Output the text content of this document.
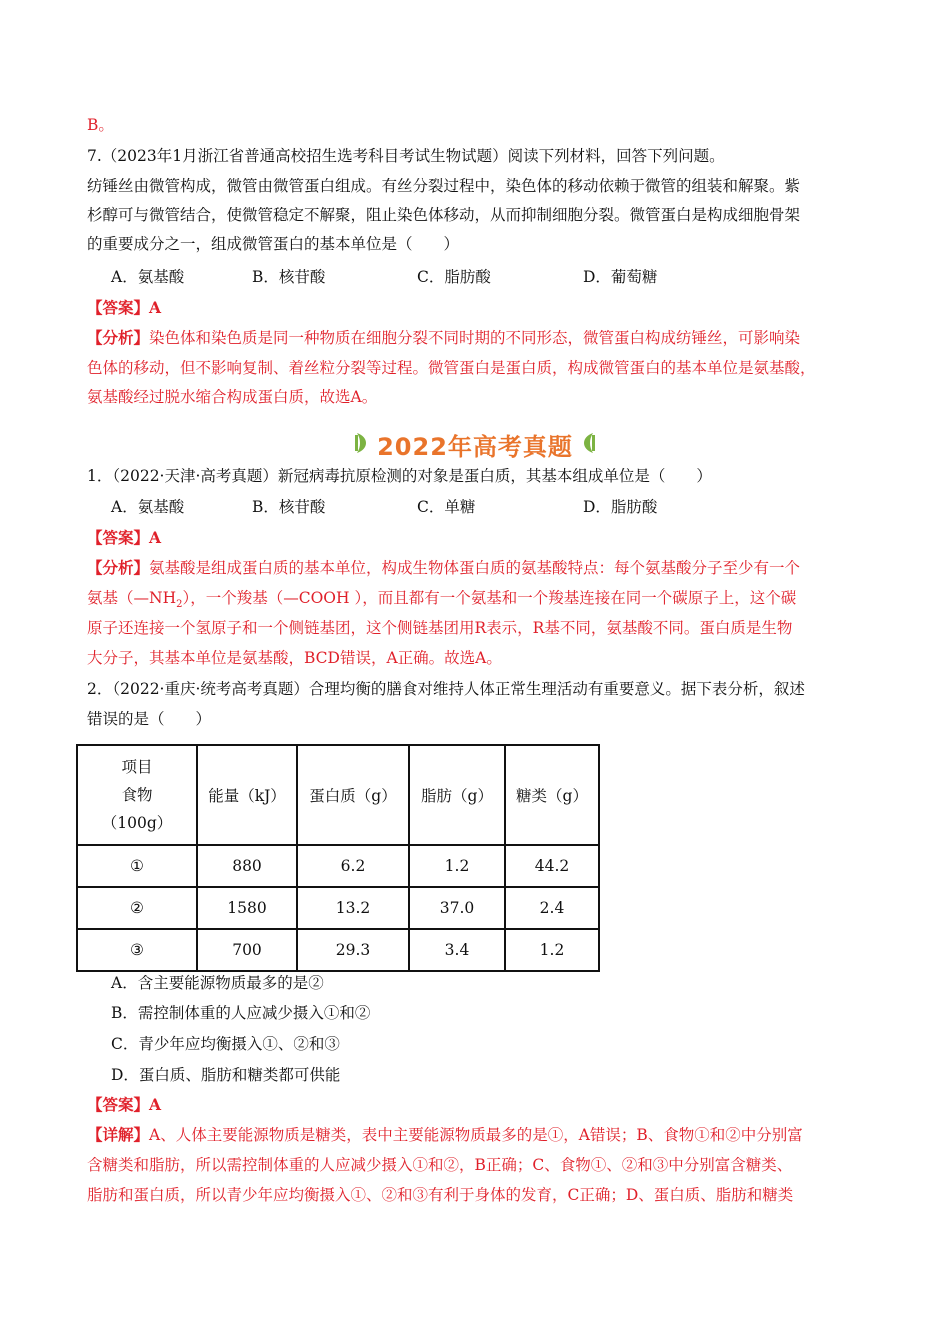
B。
7.（2023年1月浙江省普通高校招生选考科目考试生物试题）阅读下列材料，回答下列问题。
纺锤丝由微管构成，微管由微管蛋白组成。有丝分裂过程中，染色体的移动依赖于微管的组装和解聚。紫
杉醇可与微管结合，使微管稳定不解聚，阻止染色体移动，从而抑制细胞分裂。微管蛋白是构成细胞骨架
的重要成分之一，组成微管蛋白的基本单位是（　　）
A．氨基酸	B．核苷酸	C．脂肪酸	D．葡萄糖
【答案】A
【分析】染色体和染色质是同一种物质在细胞分裂不同时期的不同形态，微管蛋白构成纺锤丝，可影响染
色体的移动，但不影响复制、着丝粒分裂等过程。微管蛋白是蛋白质，构成微管蛋白的基本单位是氨基酸，
氨基酸经过脱水缩合构成蛋白质，故选A。
2022年高考真题
1．（2022·天津·高考真题）新冠病毒抗原检测的对象是蛋白质，其基本组成单位是（　　）
A．氨基酸	B．核苷酸	C．单糖	D．脂肪酸
【答案】A
【分析】氨基酸是组成蛋白质的基本单位，构成生物体蛋白质的氨基酸特点：每个氨基酸分子至少有一个
氨基$(—NH_2)$，一个羧基（—COOH ），而且都有一个氨基和一个羧基连接在同一个碳原子上，这个碳
原子还连接一个氢原子和一个侧链基团，这个侧链基团用R表示，R基不同，氨基酸不同。蛋白质是生物
大分子，其基本单位是氨基酸，BCD错误，A正确。故选A。
2．（2022·重庆·统考高考真题）合理均衡的膳食对维持人体正常生理活动有重要意义。据下表分析，叙述
错误的是（　　）
项目
食物
（100g）	能量（kJ）	蛋白质（g）	脂肪（g）	糖类（g）
①	880	6.2	1.2	44.2
②	1580	13.2	37.0	2.4
③	700	29.3	3.4	1.2
A．含主要能源物质最多的是②
B．需控制体重的人应减少摄入①和②
C．青少年应均衡摄入①、②和③
D．蛋白质、脂肪和糖类都可供能
【答案】A
【详解】A、人体主要能源物质是糖类，表中主要能源物质最多的是①，A错误；B、食物①和②中分别富
含糖类和脂肪，所以需控制体重的人应减少摄入①和②，B正确；C、食物①、②和③中分别富含糖类、
脂肪和蛋白质，所以青少年应均衡摄入①、②和③有利于身体的发育，C正确；D、蛋白质、脂肪和糖类
